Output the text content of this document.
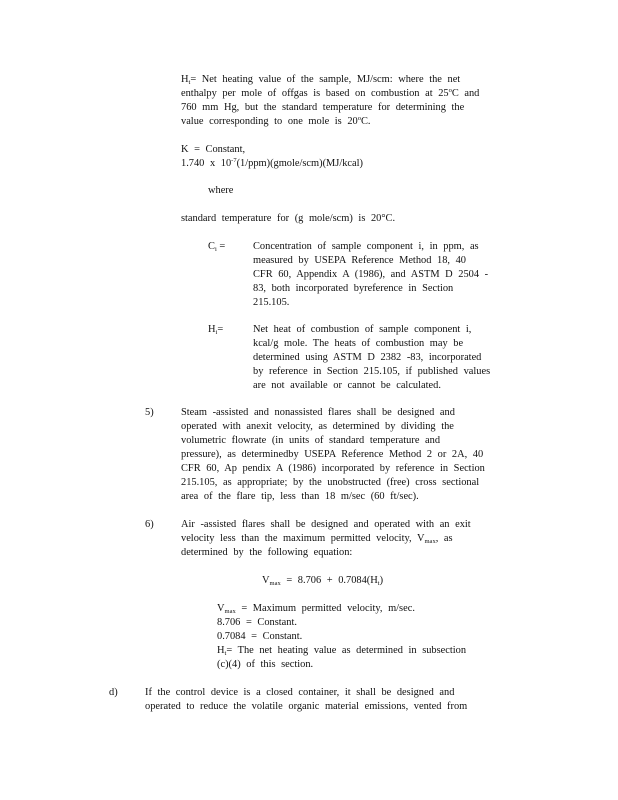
$H_t=$ Net heating value of the sample, MJ/scm: where the net
enthalpy per mole of offgas is based on combustion at 25$^o$C and
760 mm Hg, but the standard temperature for determining the
value corresponding to one mole is 20$^o$C.
K = Constant,
1.740 x $10^{-7}(1/ppm)(gmole/scm)(MJ/kcal)$
where
standard temperature for (g mole/scm) is 20°C.
$C_i$ =	Concentration of sample component i, in ppm, as
measured by USEPA Reference Method 18, 40
CFR 60, Appendix A (1986), and ASTM D 2504 -
83, both incorporated byreference in Section
215.105.
$H_i=$	Net heat of combustion of sample component i,
kcal/g mole. The heats of combustion may be
determined using ASTM D 2382 -83, incorporated
by reference in Section 215.105, if published values
are not available or cannot be calculated.
5)	Steam -assisted and nonassisted flares shall be designed and
operated with anexit velocity, as determined by dividing the
volumetric flowrate (in units of standard temperature and
pressure), as determinedby USEPA Reference Method 2 or 2A, 40
CFR 60, Ap pendix A (1986) incorporated by reference in Section
215.105, as appropriate; by the unobstructed (free) cross sectional
area of the flare tip, less than 18 m/sec (60 ft/sec).
6)	Air -assisted flares shall be designed and operated with an exit
velocity less than the maximum permitted velocity, $V_{max}$, as
determined by the following equation:
$V_{max} = 8.706 + 0.7084(H_t)$
$V_{max}$ = Maximum permitted velocity, m/sec.
8.706 = Constant.
0.7084 = Constant.
$H_t=$ The net heating value as determined in subsection
(c)(4) of this section.
d)	If the control device is a closed container, it shall be designed and
operated to reduce the volatile organic material emissions, vented from
